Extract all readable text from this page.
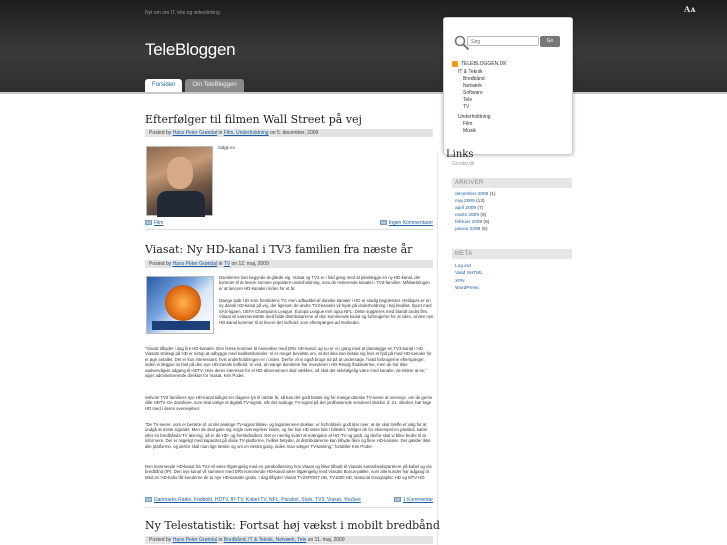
Nyt om om IT, tele og videolinking
TeleBloggen
Aᴀ
Forsiden	Om TeleBloggen
Søg
Go
TELEBLOGGEN.DK
IT & Teknik
Bredbånd
Netværk
Software
Tele
TV
Underholdning
Film
Musik
Efterfølger til filmen Wall Street på vej
Posted by Hans Peter Grøndal in Film, Underholdning on 5. december, 2009
Sidge en
Film	Ingen Kommentarer
Viasat: Ny HD-kanal i TV3 familien fra næste år
Posted by Hans Peter Grøndal in TV on 12. maj, 2009
Danskerne kan begynde at glæde sig. Viasat og TV3 er i fuld gang med at planlægge en ny HD-kanal, der kommer til at levere somme populære underholdning, som de resterende kanaler i TV3-familien. Målsætningen er at lancere HD-kanalen inden for et år.
Mange spår HD som fremtidens TV, men udbuddet af danske kanaler i HD er stadig begrænset. Heldigvis er en ny dansk HD-kanal på vej, der ligesom de andre TV3-kanaler vil byde på underholdning i høj kvalitet. Sport med SAS-ligaen, UEFA Champions League, Europa League mm ogsa NFL. Dette suppleres med blandt andet film. Viasat vil sammensætte med bilde distributørerne af den kommende kanal og forbrugerne for at sikre, at den nye HD-kanal kommer til at levere det indhold, som efterspørges ad markedet.
"Viasat tilbyder i dag fire HD-kanaler. Den femte kommer til november med DRs HD-kanal, og nu er vi i gang med at planlægge en TV3-kanal i HD. Viasats strategi på HD er netop at udbygge med kvalitetskanaler. Vi er meget bevidste om, at det ikke kan betale sig hvis et fyld på med HD-kanaler for et øge antallet. Det er kun interessant, hvis underholdningen er i orden. Derfor vil vi også bruge tid på at undersøge, hvad forbrugerne efterspørger, inden vi lægger os fast på den nye HD-kanals indhold. Vi ved, at mange danskere har investeret i HD-Ready fladskærme, men de har ikke nødvendigvis adgang til HDTV. Hvis deres interesse for et HD-abonnement skal vækkes, så skal det selvfølgelig være med kanaler, de elsker at se," siger administrerende direktør for Viasat, Kim Poder.
Selvom TV3 familiens nye HD-kanal tidligst ser dagens lys til næste år, så kan det godt betale sig for mange danske TV-seere at overveje, om de gerne ville HDTV. De danskere, som skal vælge et digitalt TV-signal, når det analoge TV-signal på det jordbaserede sendenet slukker d. 31. oktober, bør tage HD med i deres overvejelser.
"De TV-seere, som er berørte af, at det analoge TV-signal tilslav- og tagantennen slukker, er forholdsvis godt klar over, at de skal træffe et valg for at undgå at miste signalet. Men de skal gøre sig nogle overvejelser inden, og her bør HD være tide i billedet. Vælger de for eksempel en parabol, kabel eller en bredbånds-TV løsning, så er de HD- og fremtidssikret. Det er nemlig svært at mængden af HD-TV og godt, og derfor skal vi blive bedre til at informere. Der er røgeligt med kapacitet på disse TV-platforme, hvilket betyder, at distributørerne kan tilbyde flere og flere HD-kanaler. Det gælder ikke alle platforme, og derfor skal man lige tænke og om en ekstra gang, inden man vælger TV-løsning," fortæller Kim Poder.
Den kommende HD-kanal fra TV3 vil være tilgængelig med en parabolløsning hos Viasat og blive tilbudt til Viasats samarbejdspartnere på kabel og via bredbånd (IP). Den nye kanal vil sammen med DRs kommende HD-kanal være tilgængelig med Viasats Bonus-pakke, som alle kunder har adgang til. Med en HD-boks får kunderne de to nye HD-kanaler gratis. I dag tilbyder Viasat TV2SPORT HD, TV1000 HD, National Geographic HD og MTV HD.
Danmarks Radio, Fodbold, HDTV, IP-TV, Kabel-TV, NFL, Parabol, Sluts, TV3, Viasat, YouSee	1 Kommentar
Ny Telestatistik: Fortsat høj vækst i mobilt bredbånd
Posted by Hans Peter Grøndal in Bredbånd, IT & Teknik, Netværk, Tele on 11. maj, 2009
Links
Grosby.dk
ARKIVER
december 2009 (1)
maj 2009 (13)
april 2009 (7)
marts 2009 (5)
februar 2009 (6)
januar 2009 (5)
META
Log ind
Valid XHTML
XFN
WordPress
